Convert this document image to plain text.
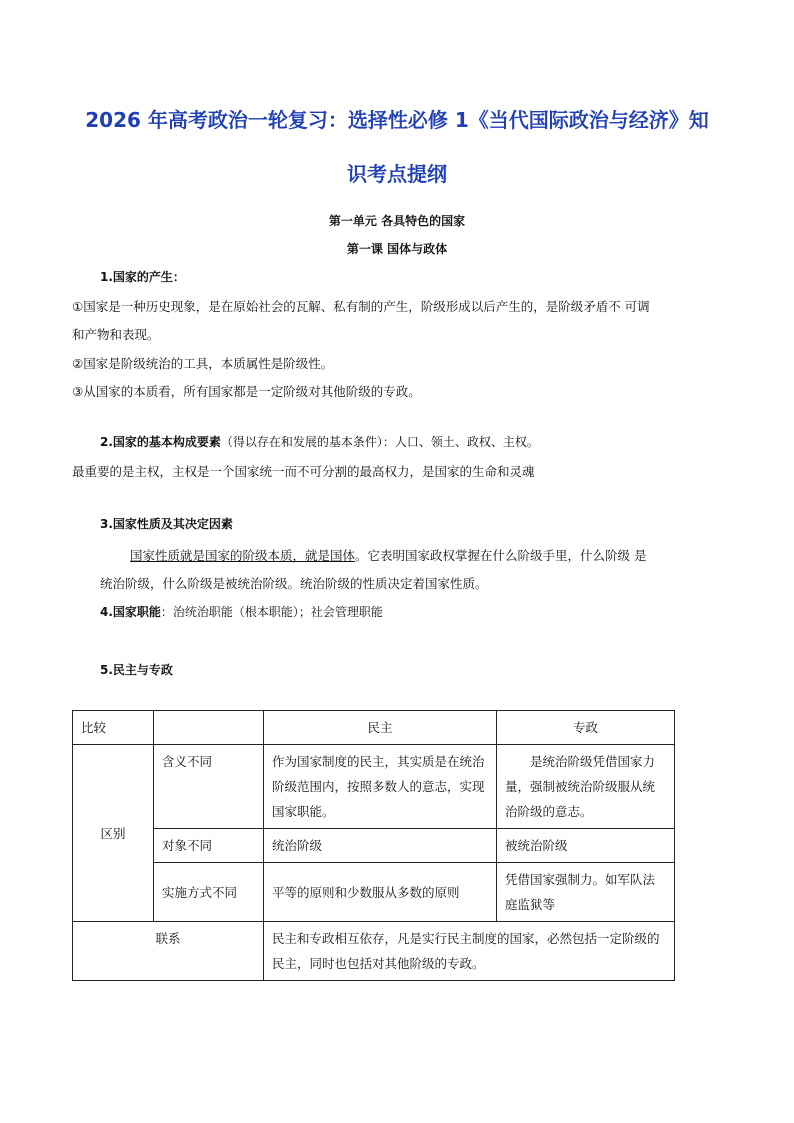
2026 年高考政治一轮复习：选择性必修 1《当代国际政治与经济》知
识考点提纲
第一单元 各具特色的国家
第一课 国体与政体
1.国家的产生：
①国家是一种历史现象，是在原始社会的瓦解、私有制的产生，阶级形成以后产生的，是阶级矛盾不 可调
和产物和表现。
②国家是阶级统治的工具，本质属性是阶级性。
③从国家的本质看，所有国家都是一定阶级对其他阶级的专政。
2.国家的基本构成要素（得以存在和发展的基本条件）：人口、领土、政权、主权。
最重要的是主权，主权是一个国家统一而不可分割的最高权力，是国家的生命和灵魂
3.国家性质及其决定因素
国家性质就是国家的阶级本质，就是国体。它表明国家政权掌握在什么阶级手里，什么阶级 是
统治阶级，什么阶级是被统治阶级。统治阶级的性质决定着国家性质。
4.国家职能：治统治职能（根本职能）；社会管理职能
5.民主与专政
比较		民主	专政
区别	含义不同	作为国家制度的民主，其实质是在统治阶级范围内，按照多数人的意志，实现国家职能。	是统治阶级凭借国家力量，强制被统治阶级服从统治阶级的意志。
	对象不同	统治阶级	被统治阶级
	实施方式不同	平等的原则和少数服从多数的原则	凭借国家强制力。如军队法庭监狱等
联系		民主和专政相互依存，凡是实行民主制度的国家，必然包括一定阶级的民主，同时也包括对其他阶级的专政。	
